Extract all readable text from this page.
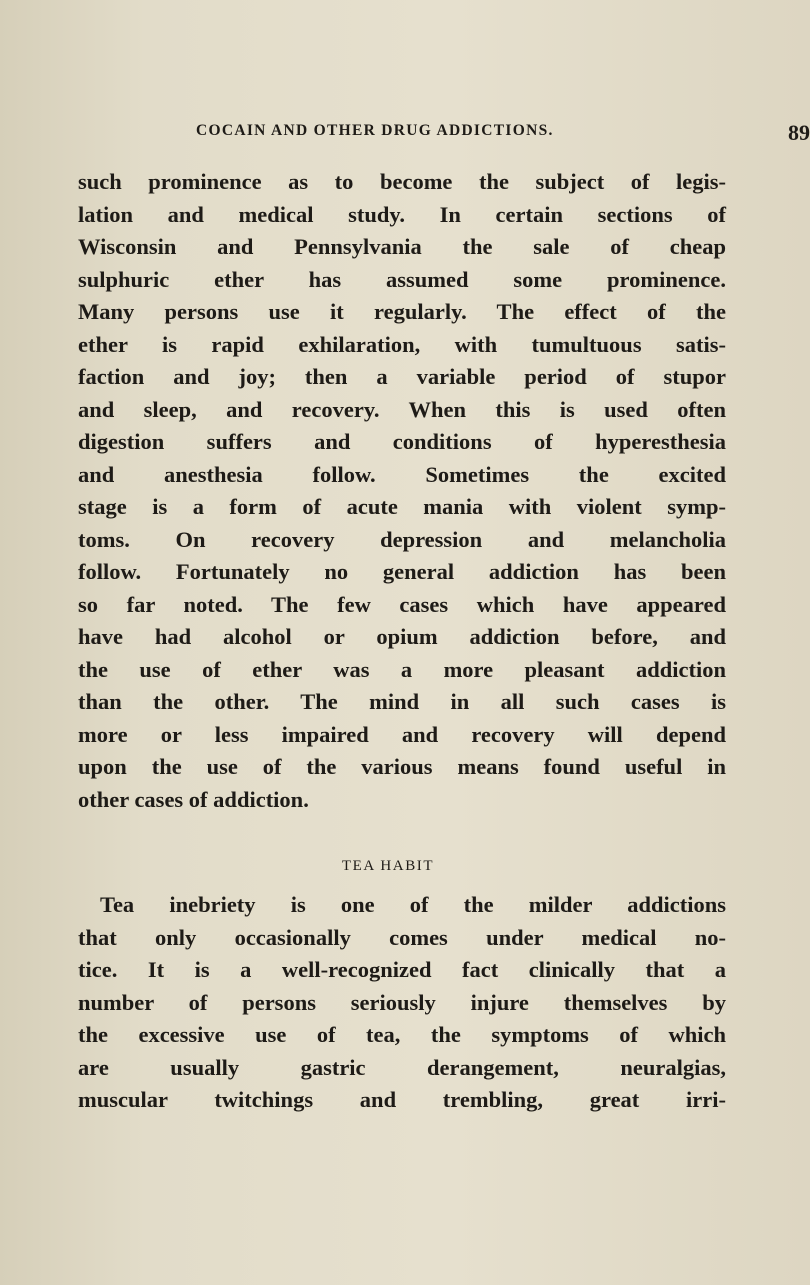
COCAIN AND OTHER DRUG ADDICTIONS.	89
such prominence as to become the subject of legis-
lation and medical study. In certain sections of
Wisconsin and Pennsylvania the sale of cheap
sulphuric ether has assumed some prominence.
Many persons use it regularly. The effect of the
ether is rapid exhilaration, with tumultuous satis-
faction and joy; then a variable period of stupor
and sleep, and recovery. When this is used often
digestion suffers and conditions of hyperesthesia
and anesthesia follow. Sometimes the excited
stage is a form of acute mania with violent symp-
toms. On recovery depression and melancholia
follow. Fortunately no general addiction has been
so far noted. The few cases which have appeared
have had alcohol or opium addiction before, and
the use of ether was a more pleasant addiction
than the other. The mind in all such cases is
more or less impaired and recovery will depend
upon the use of the various means found useful in
other cases of addiction.
TEA HABIT
Tea inebriety is one of the milder addictions
that only occasionally comes under medical no-
tice. It is a well-recognized fact clinically that a
number of persons seriously injure themselves by
the excessive use of tea, the symptoms of which
are usually gastric derangement, neuralgias,
muscular twitchings and trembling, great irri-
